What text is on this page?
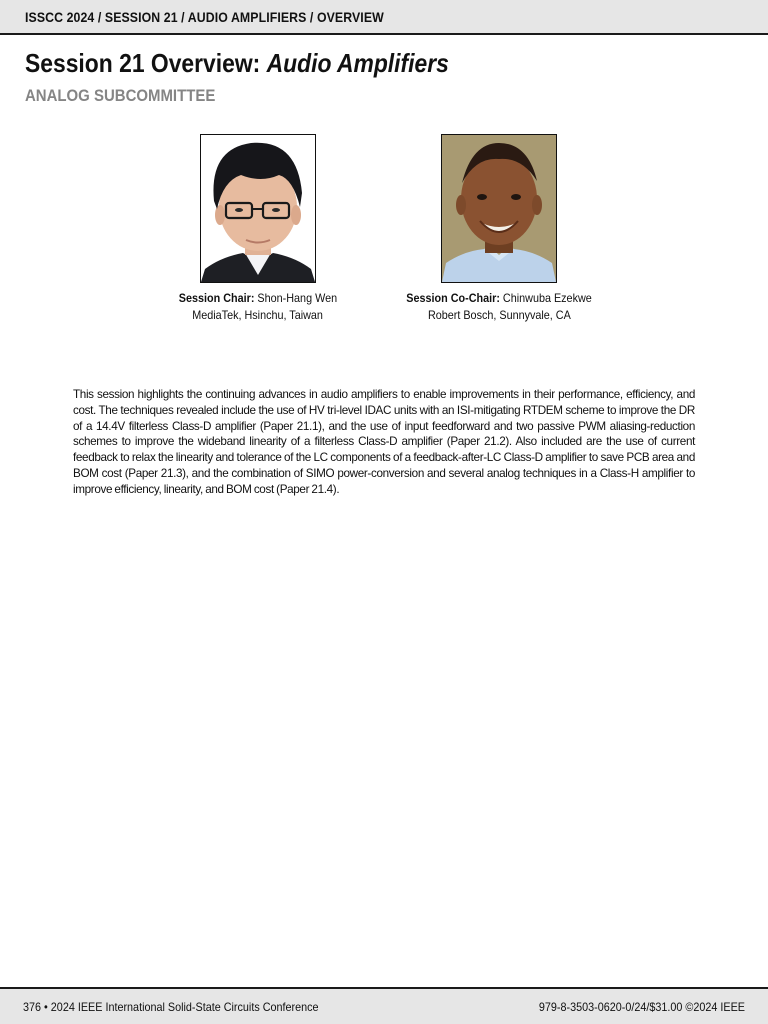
ISSCC 2024 / SESSION 21 / AUDIO AMPLIFIERS / OVERVIEW
Session 21 Overview: Audio Amplifiers
ANALOG SUBCOMMITTEE
Session Chair: Shon-Hang Wen
MediaTek, Hsinchu, Taiwan
Session Co-Chair: Chinwuba Ezekwe
Robert Bosch, Sunnyvale, CA

This session highlights the continuing advances in audio amplifiers to enable improvements in their performance, efficiency, and cost. The techniques revealed include the use of HV tri-level IDAC units with an ISI-mitigating RTDEM scheme to improve the DR of a 14.4V filterless Class-D amplifier (Paper 21.1), and the use of input feedforward and two passive PWM aliasing-reduction schemes to improve the wideband linearity of a filterless Class-D amplifier (Paper 21.2). Also included are the use of current feedback to relax the linearity and tolerance of the LC components of a feedback-after-LC Class-D amplifier to save PCB area and BOM cost (Paper 21.3), and the combination of SIMO power-conversion and several analog techniques in a Class-H amplifier to improve efficiency, linearity, and BOM cost (Paper 21.4).

376 • 2024 IEEE International Solid-State Circuits Conference	979-8-3503-0620-0/24/$31.00 ©2024 IEEE
